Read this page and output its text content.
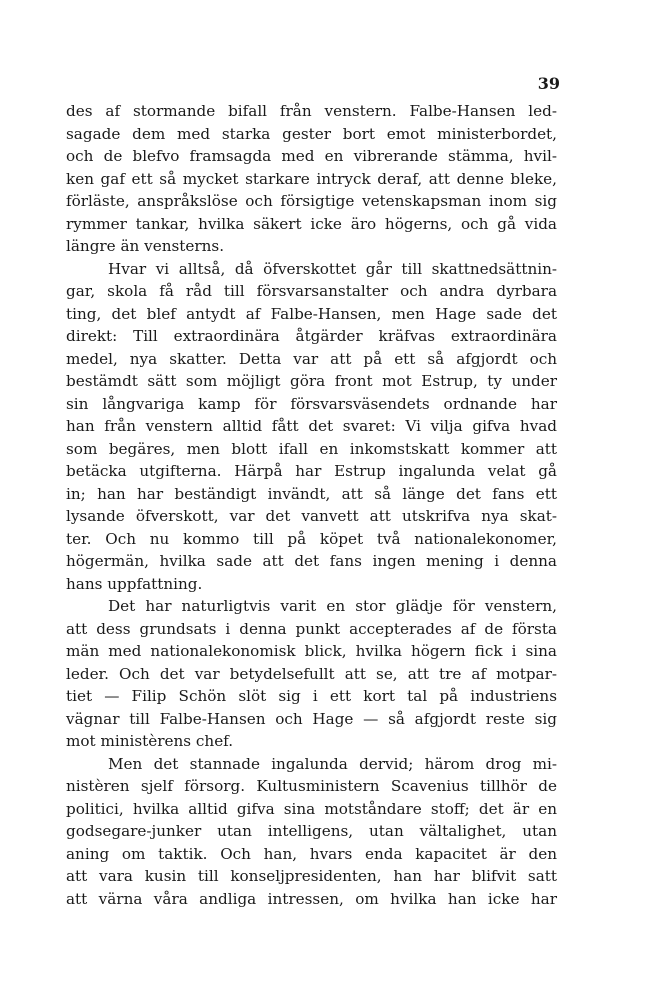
39

des af stormande bifall från venstern. Falbe-Hansen led-
sagade dem med starka gester bort emot ministerbordet,
och de blefvo framsagda med en vibrerande stämma, hvil-
ken gaf ett så mycket starkare intryck deraf, att denne bleke,
förläste, anspråkslöse och försigtige vetenskapsman inom sig
rymmer tankar, hvilka säkert icke äro högerns, och gå vida
längre än vensterns.

Hvar vi alltså, då öfverskottet går till skattnedsättnin-
gar, skola få råd till försvarsanstalter och andra dyrbara
ting, det blef antydt af Falbe-Hansen, men Hage sade det
direkt: Till extraordinära åtgärder kräfvas extraordinära
medel, nya skatter. Detta var att på ett så afgjordt och
bestämdt sätt som möjligt göra front mot Estrup, ty under
sin långvariga kamp för försvarsväsendets ordnande har
han från venstern alltid fått det svaret: Vi vilja gifva hvad
som begäres, men blott ifall en inkomstskatt kommer att
betäcka utgifterna. Härpå har Estrup ingalunda velat gå
in; han har beständigt invändt, att så länge det fans ett
lysande öfverskott, var det vanvett att utskrifva nya skat-
ter. Och nu kommo till på köpet två nationalekonomer,
högermän, hvilka sade att det fans ingen mening i denna
hans uppfattning.

Det har naturligtvis varit en stor glädje för venstern,
att dess grundsats i denna punkt accepterades af de första
män med nationalekonomisk blick, hvilka högern fick i sina
leder. Och det var betydelsefullt att se, att tre af motpar-
tiet — Filip Schön slöt sig i ett kort tal på industriens
vägnar till Falbe-Hansen och Hage — så afgjordt reste sig
mot ministèrens chef.

Men det stannade ingalunda dervid; härom drog mi-
nistèren sjelf försorg. Kultusministern Scavenius tillhör de
politici, hvilka alltid gifva sina motståndare stoff; det är en
godsegare-junker utan intelligens, utan vältalighet, utan
aning om taktik. Och han, hvars enda kapacitet är den
att vara kusin till konseljpresidenten, han har blifvit satt
att värna våra andliga intressen, om hvilka han icke har
